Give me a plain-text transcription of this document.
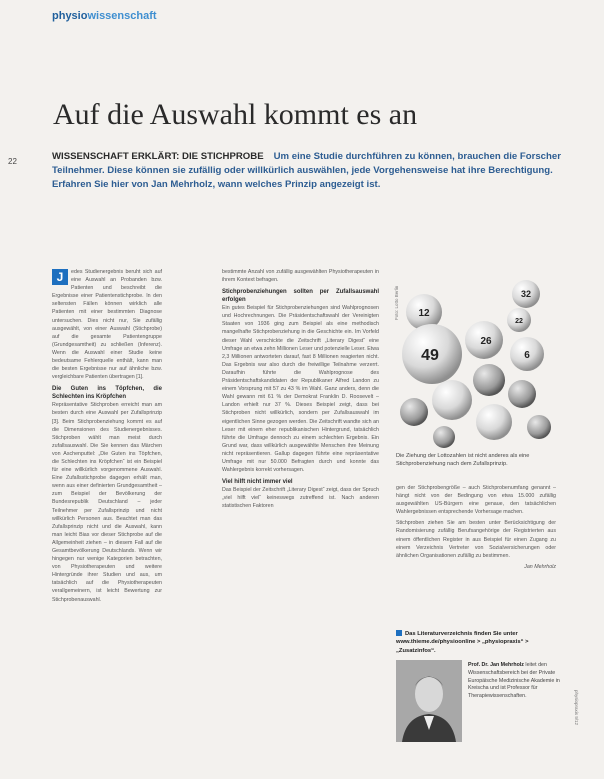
physiowissenschaft
22
Auf die Auswahl kommt es an
WISSENSCHAFT ERKLÄRT: DIE STICHPROBE Um eine Studie durchführen zu können, brauchen die Forscher Teilnehmer. Diese können sie zufällig oder willkürlich auswählen, jede Vorgehensweise hat ihre Berechtigung. Erfahren Sie hier von Jan Mehrholz, wann welches Prinzip angezeigt ist.

J	edes Studienergebnis beruht sich auf eine Auswahl an Probanden bzw. Patienten und beschreibt die Ergebnisse einer Patientenstichprobe. In den seltensten Fällen können wirklich alle Patienten mit einer bestimmten Diagnose untersuchen. Dies nicht nur, Sie zufällig ausgewählt, von einer Auswahl (Stichprobe) auf die gesamte Patientengruppe (Grundgesamtheit) zu schließen (Inferenz). Wenn die Auswahl einer Studie keine bedeutsame Fehlerquelle enthält, kann man die besten Ergebnisse nur auf ähnliche bzw. vergleichbare Patienten übertragen [1].

Die Guten ins Töpfchen, die Schlechten ins Kröpfchen

Repräsentative Stichproben erreicht man am besten durch eine Auswahl per Zufallsprinzip [3]. Beim Stichprobenziehung kommt es auf die Dimensionen des Studienergebnisses. Stichproben wählt man meist durch zufallsauswahl. Die Sie kennen das Märchen von Aschenputtel: „Die Guten ins Töpfchen, die Schlechten ins Kröpfchen“ ist ein Beispiel für eine willkürlich vorgenommene Auswahl. Eine Zufallsstichprobe dagegen erhält man, wenn aus einer definierten Grundgesamtheit – zum Beispiel der Bevölkerung der Bundesrepublik Deutschland – jeder Teilnehmer per Zufallsprinzip und nicht willkürlich Personen aus. Beachtet man das Zufallsprinzip nicht und die Auswahl, kann man leicht Bias vor dieser Stichprobe auf die Allgemeinheit ziehen – in diesem Fall auf die Gesamtbevölkerung Deutschlands. Wenn wir hingegen nur wenige Kategorien betrachten, von Physiotherapeuten und weitere Hintergründe ihrer Studien und aus, um tatsächlich auf die Physiotherapeuten verallgemeinern, ist leicht Bewertung zur Stichprobenauswahl.

bestimmte Anzahl von zufällig ausgewählten Physiotherapeuten in ihrem Kontext befragen.

Stichprobenziehungen sollten per Zufallsauswahl erfolgen

Ein gutes Beispiel für Stichprobenziehungen sind Wahlprognosen und Hochrechnungen. Die Präsidentschaftswahl der Vereinigten Staaten von 1936 ging zum Beispiel als eine methodisch mangelhafte Stichprobenziehung in die Geschichte ein. Im Vorfeld dieser Wahl verschickte die Zeitschrift „Literary Digest“ eine Umfrage an etwa zehn Millionen Leser und potenzielle Leser. Etwa 2,3 Millionen antworteten darauf, fast 8 Millionen reagierten nicht. Das Ergebnis war also durch die freiwillige Teilnahme verzerrt. Daraufhin führte die Wahlprognose des Präsidentschaftskandidaten der Republikaner Alfred Landon zu einem Vorsprung mit 57 zu 43 % im Wahl. Ganz anders, denn die Wahl gewann mit 61 % der Demokrat Franklin D. Roosevelt – Landon erhielt nur 37 %. Dieses Beispiel zeigt, dass bei Stichproben nicht willkürlich, sondern per Zufallsauswahl im eigentlichen Sinne gezogen werden. Die Zeitschrift wandte sich an Leser mit einem eher republikanischen Hintergrund, tatsächlich führte die Umfrage dennoch zu einem schlechten Ergebnis. Ein Grund war, dass willkürlich ausgewählte Menschen ihre Meinung nicht repräsentieren. Gallup dagegen führte eine repräsentative Umfrage mit nur 50.000 Befragten durch und konnte das Wahlergebnis korrekt vorhersagen.

Viel hilft nicht immer viel

Das Beispiel der Zeitschrift „Literary Digest“ zeigt, dass der Spruch „viel hilft viel“ keineswegs zutreffend ist. Nach anderen statistischen Faktoren

Foto: Lotto Berlin	32
12
22
49
26
6
Die Ziehung der Lottozahlen ist nicht anderes als eine Stichprobenziehung nach dem Zufallsprinzip.

gen der Stichprobengröße – auch Stichprobenumfang genannt – hängt nicht von der Bedingung von etwa 15.000 zufällig ausgewählten US-Bürgern eine genaue, den tatsächlichen Wahlergebnissen entsprechende Vorhersage machen.

Stichproben ziehen Sie am besten unter Berücksichtigung der Randomisierung zufällig Berufsangehörige der Registrierten aus einem öffentlichen Register in aus Beispiel für einen Zugang zu einem Verzeichnis Vertreter von Sozialversicherungen oder ähnlichen Organisationen zufällig zu bestimmen.

Jan Mehrholz

Das Literaturverzeichnis finden Sie unter www.thieme.de/physioonline > „physiopraxis“ > „Zusatzinfos“.
Prof. Dr. Jan Mehrholz leitet den Wissenschaftsbereich bei der Private Europäische Medizinische Akademie in Kreischa und ist Professor für Therapiewissenschaften.	physiopraxis 9/12
